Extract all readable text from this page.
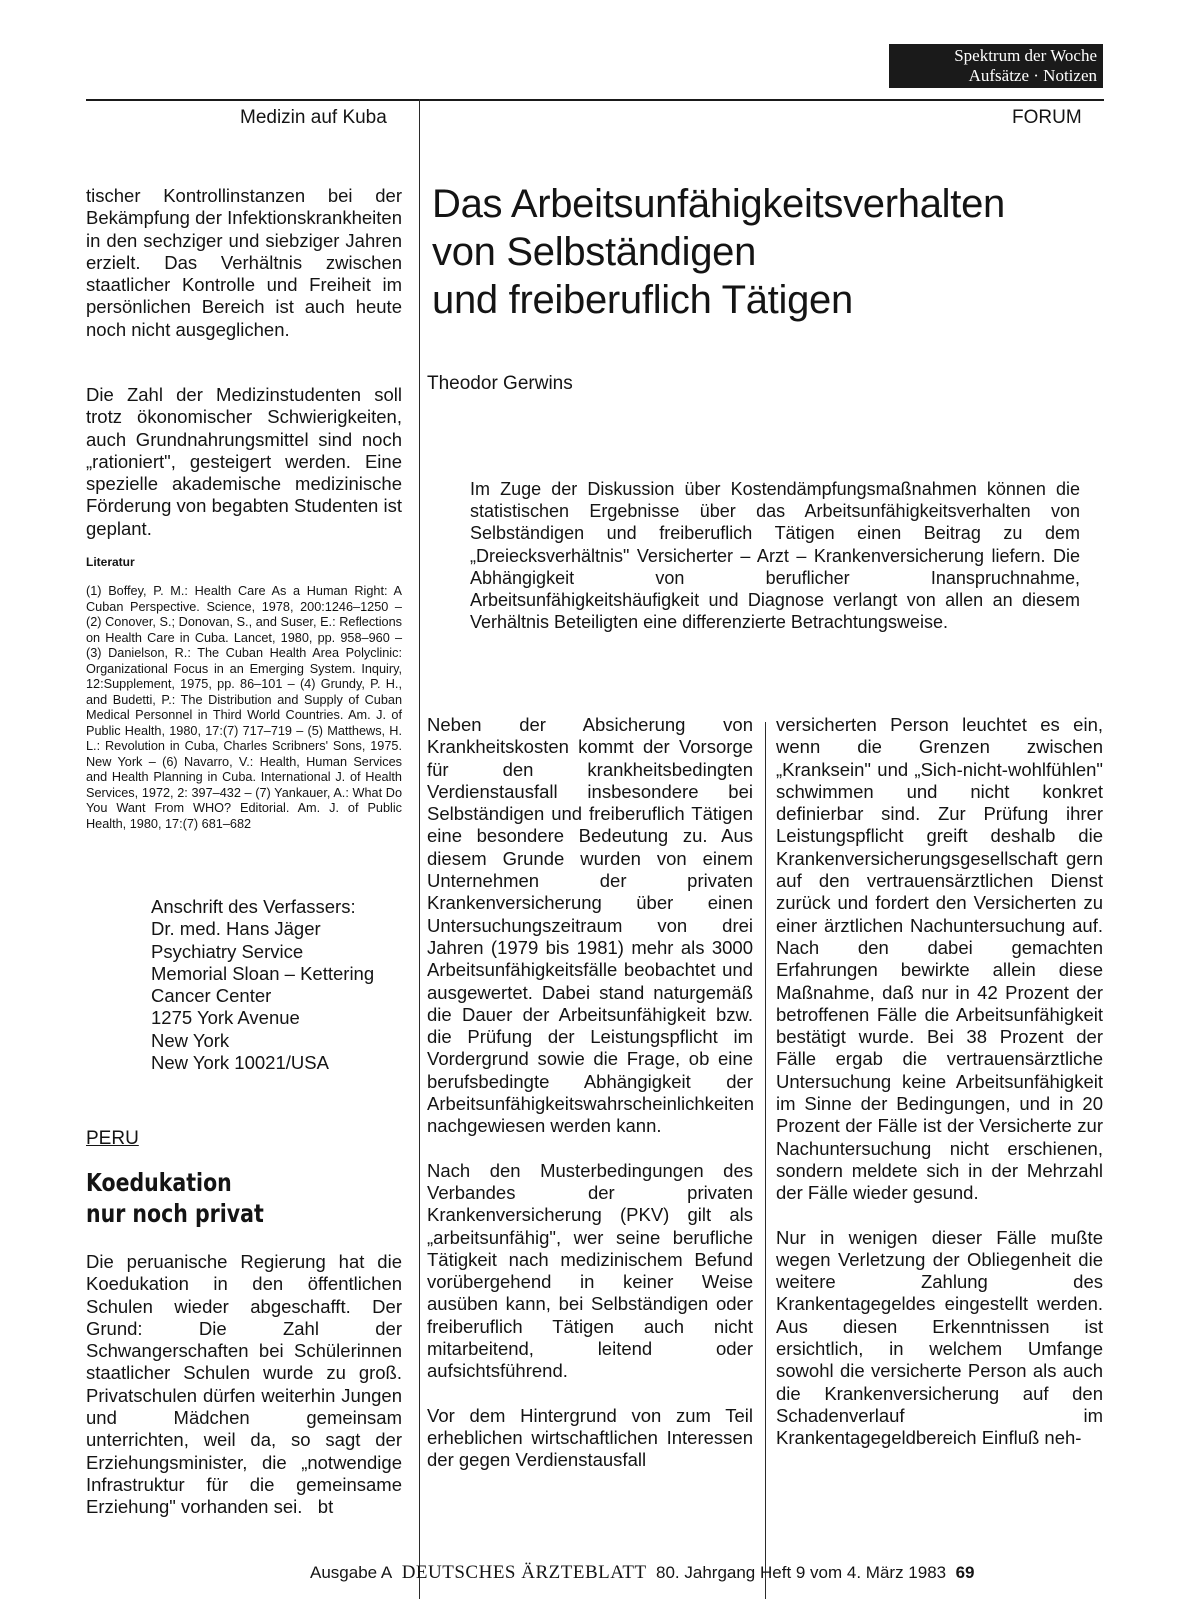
Spektrum der Woche
Aufsätze · Notizen
Medizin auf Kuba	FORUM

tischer Kontrollinstanzen bei der Bekämpfung der Infektionskrankheiten in den sechziger und siebziger Jahren erzielt. Das Verhältnis zwischen staatlicher Kontrolle und Freiheit im persönlichen Bereich ist auch heute noch nicht ausgeglichen.

Die Zahl der Medizinstudenten soll trotz ökonomischer Schwierigkeiten, auch Grundnahrungsmittel sind noch „rationiert", gesteigert werden. Eine spezielle akademische medizinische Förderung von begabten Studenten ist geplant.

Literatur
(1) Boffey, P. M.: Health Care As a Human Right: A Cuban Perspective. Science, 1978, 200:1246–1250 – (2) Conover, S.; Donovan, S., and Suser, E.: Reflections on Health Care in Cuba. Lancet, 1980, pp. 958–960 – (3) Danielson, R.: The Cuban Health Area Polyclinic: Organizational Focus in an Emerging System. Inquiry, 12:Supplement, 1975, pp. 86–101 – (4) Grundy, P. H., and Budetti, P.: The Distribution and Supply of Cuban Medical Personnel in Third World Countries. Am. J. of Public Health, 1980, 17:(7) 717–719 – (5) Matthews, H. L.: Revolution in Cuba, Charles Scribners' Sons, 1975. New York – (6) Navarro, V.: Health, Human Services and Health Planning in Cuba. International J. of Health Services, 1972, 2: 397–432 – (7) Yankauer, A.: What Do You Want From WHO? Editorial. Am. J. of Public Health, 1980, 17:(7) 681–682
Anschrift des Verfassers:
Dr. med. Hans Jäger
Psychiatry Service
Memorial Sloan – Kettering
Cancer Center
1275 York Avenue
New York
New York 10021/USA
PERU
Koedukation
nur noch privat

Die peruanische Regierung hat die Koedukation in den öffentlichen Schulen wieder abgeschafft. Der Grund: Die Zahl der Schwangerschaften bei Schülerinnen staatlicher Schulen wurde zu groß. Privatschulen dürfen weiterhin Jungen und Mädchen gemeinsam unterrichten, weil da, so sagt der Erziehungsminister, die „notwendige Infrastruktur für die gemeinsame Erziehung" vorhanden sei. bt

Das Arbeitsunfähigkeitsverhalten
von Selbständigen
und freiberuflich Tätigen
Theodor Gerwins
Im Zuge der Diskussion über Kostendämpfungsmaßnahmen können die statistischen Ergebnisse über das Arbeitsunfähigkeitsverhalten von Selbständigen und freiberuflich Tätigen einen Beitrag zu dem „Dreiecksverhältnis" Versicherter – Arzt – Krankenversicherung liefern. Die Abhängigkeit von beruflicher Inanspruchnahme, Arbeitsunfähigkeitshäufigkeit und Diagnose verlangt von allen an diesem Verhältnis Beteiligten eine differenzierte Betrachtungsweise.

Neben der Absicherung von Krankheitskosten kommt der Vorsorge für den krankheitsbedingten Verdienstausfall insbesondere bei Selbständigen und freiberuflich Tätigen eine besondere Bedeutung zu. Aus diesem Grunde wurden von einem Unternehmen der privaten Krankenversicherung über einen Untersuchungszeitraum von drei Jahren (1979 bis 1981) mehr als 3000 Arbeitsunfähigkeitsfälle beobachtet und ausgewertet. Dabei stand naturgemäß die Dauer der Arbeitsunfähigkeit bzw. die Prüfung der Leistungspflicht im Vordergrund sowie die Frage, ob eine berufsbedingte Abhängigkeit der Arbeitsunfähigkeitswahrscheinlichkeiten nachgewiesen werden kann.

Nach den Musterbedingungen des Verbandes der privaten Krankenversicherung (PKV) gilt als „arbeitsunfähig", wer seine berufliche Tätigkeit nach medizinischem Befund vorübergehend in keiner Weise ausüben kann, bei Selbständigen oder freiberuflich Tätigen auch nicht mitarbeitend, leitend oder aufsichtsführend.

Vor dem Hintergrund von zum Teil erheblichen wirtschaftlichen Interessen der gegen Verdienstausfall

versicherten Person leuchtet es ein, wenn die Grenzen zwischen „Kranksein" und „Sich-nicht-wohlfühlen" schwimmen und nicht konkret definierbar sind. Zur Prüfung ihrer Leistungspflicht greift deshalb die Krankenversicherungsgesellschaft gern auf den vertrauensärztlichen Dienst zurück und fordert den Versicherten zu einer ärztlichen Nachuntersuchung auf. Nach den dabei gemachten Erfahrungen bewirkte allein diese Maßnahme, daß nur in 42 Prozent der betroffenen Fälle die Arbeitsunfähigkeit bestätigt wurde. Bei 38 Prozent der Fälle ergab die vertrauensärztliche Untersuchung keine Arbeitsunfähigkeit im Sinne der Bedingungen, und in 20 Prozent der Fälle ist der Versicherte zur Nachuntersuchung nicht erschienen, sondern meldete sich in der Mehrzahl der Fälle wieder gesund.

Nur in wenigen dieser Fälle mußte wegen Verletzung der Obliegenheit die weitere Zahlung des Krankentagegeldes eingestellt werden. Aus diesen Erkenntnissen ist ersichtlich, in welchem Umfange sowohl die versicherte Person als auch die Krankenversicherung auf den Schadenverlauf im Krankentagegeldbereich Einfluß neh-

Ausgabe A DEUTSCHES ÄRZTEBLATT 80. Jahrgang Heft 9 vom 4. März 1983 69
